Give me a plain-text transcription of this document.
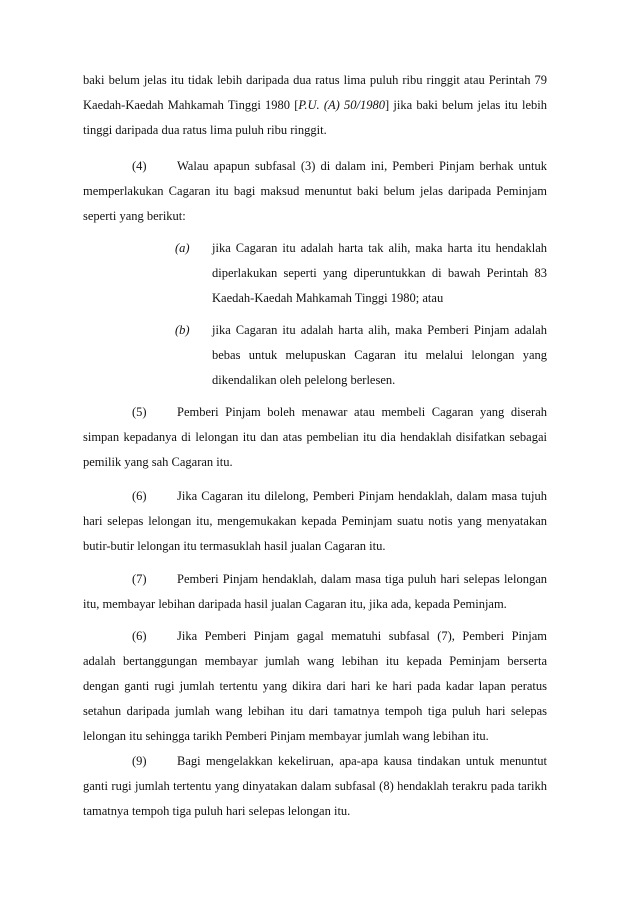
baki belum jelas itu tidak lebih daripada dua ratus lima puluh ribu ringgit atau Perintah 79 Kaedah-Kaedah Mahkamah Tinggi 1980 [P.U. (A) 50/1980] jika baki belum jelas itu lebih tinggi daripada dua ratus lima puluh ribu ringgit.
Walau apapun subfasal (3) di dalam ini, Pemberi Pinjam berhak untuk memperlakukan Cagaran itu bagi maksud menuntut baki belum jelas daripada Peminjam seperti yang berikut:
(4)
(a) jika Cagaran itu adalah harta tak alih, maka harta itu hendaklah diperlakukan seperti yang diperuntukkan di bawah Perintah 83 Kaedah-Kaedah Mahkamah Tinggi 1980; atau
(b) jika Cagaran itu adalah harta alih, maka Pemberi Pinjam adalah bebas untuk melupuskan Cagaran itu melalui lelongan yang dikendalikan oleh pelelong berlesen.
(5)	Pemberi Pinjam boleh menawar atau membeli Cagaran yang diserah simpan kepadanya di lelongan itu dan atas pembelian itu dia hendaklah disifatkan sebagai pemilik yang sah Cagaran itu.
(6)	Jika Cagaran itu dilelong, Pemberi Pinjam hendaklah, dalam masa tujuh hari selepas lelongan itu, mengemukakan kepada Peminjam suatu notis yang menyatakan butir-butir lelongan itu termasuklah hasil jualan Cagaran itu.
(7)	Pemberi Pinjam hendaklah, dalam masa tiga puluh hari selepas lelongan itu, membayar lebihan daripada hasil jualan Cagaran itu, jika ada, kepada Peminjam.
(6)	Jika Pemberi Pinjam gagal mematuhi subfasal (7), Pemberi Pinjam adalah bertanggungan membayar jumlah wang lebihan itu kepada Peminjam berserta dengan ganti rugi jumlah tertentu yang dikira dari hari ke hari pada kadar lapan peratus setahun daripada jumlah wang lebihan itu dari tamatnya tempoh tiga puluh hari selepas lelongan itu sehingga tarikh Pemberi Pinjam membayar jumlah wang lebihan itu.
(9)	Bagi mengelakkan kekeliruan, apa-apa kausa tindakan untuk menuntut ganti rugi jumlah tertentu yang dinyatakan dalam subfasal (8) hendaklah terakru pada tarikh tamatnya tempoh tiga puluh hari selepas lelongan itu.
